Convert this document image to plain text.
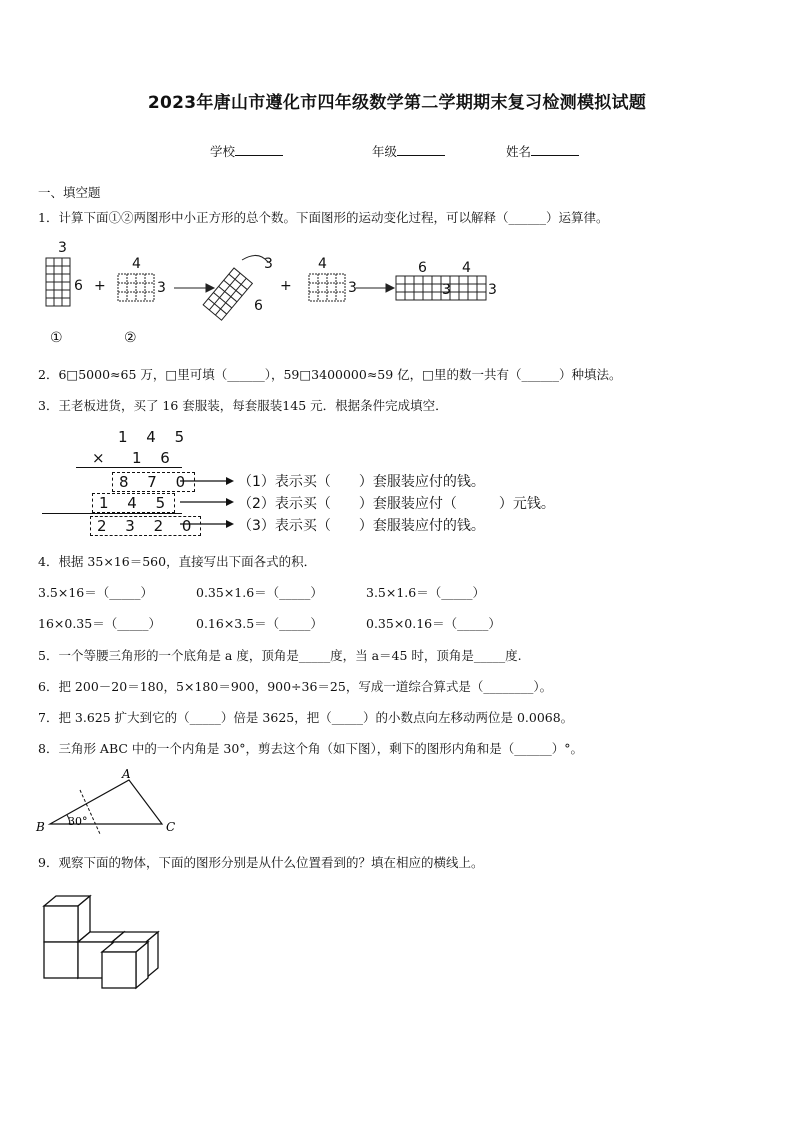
2023年唐山市遵化市四年级数学第二学期期末复习检测模拟试题
学校	年级	姓名
一、填空题
1．计算下面①②两图形中小正方形的总个数。下面图形的运动变化过程，可以解释（______）运算律。
3
6 +
4
3
①	②
3
6
+
4
3
6	4
3	3
2．6□5000≈65 万，□里可填（______），59□3400000≈59 亿，□里的数一共有（______）种填法。
3．王老板进货，买了 16 套服装，每套服装145 元．根据条件完成填空．
1 4 5
× 1 6
8 7 0
1 4 5
2 3 2 0
（1）表示买（　　）套服装应付的钱。
（2）表示买（　　）套服装应付（　　　）元钱。
（3）表示买（　　）套服装应付的钱。
4．根据 35×16＝560，直接写出下面各式的积．
3.5×16＝（_____）	0.35×1.6＝（_____）	3.5×1.6＝（_____）
16×0.35＝（_____）	0.16×3.5＝（_____）	0.35×0.16＝（_____）
5．一个等腰三角形的一个底角是 a 度，顶角是_____度，当 a＝45 时，顶角是_____度.
6．把 200－20＝180，5×180＝900，900÷36＝25，写成一道综合算式是（________）。
7．把 3.625 扩大到它的（_____）倍是 3625，把（_____）的小数点向左移动两位是 0.0068。
8．三角形 ABC 中的一个内角是 30°，剪去这个角（如下图），剩下的图形内角和是（______）°。
A
B	C
30°
9．观察下面的物体，下面的图形分别是从什么位置看到的？填在相应的横线上。
